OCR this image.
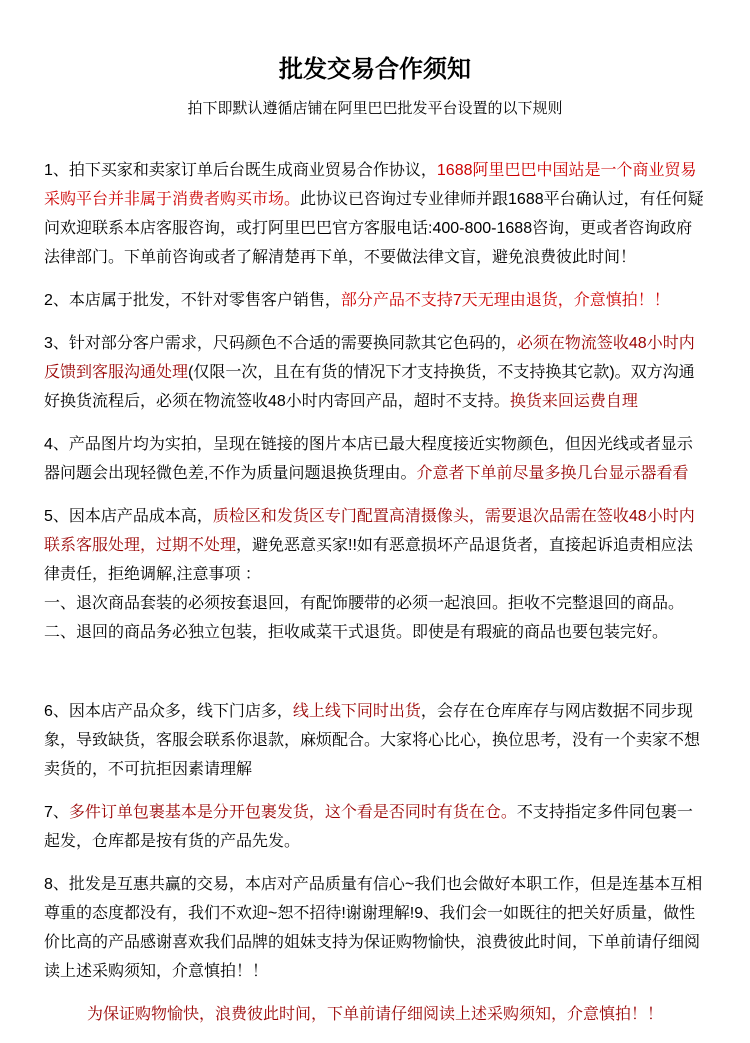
批发交易合作须知
拍下即默认遵循店铺在阿里巴巴批发平台设置的以下规则

1、拍下买家和卖家订单后台既生成商业贸易合作协议，1688阿里巴巴中国站是一个商业贸易采购平台并非属于消费者购买市场。此协议已咨询过专业律师并跟1688平台确认过，有任何疑问欢迎联系本店客服咨询，或打阿里巴巴官方客服电话:400-800-1688咨询，更或者咨询政府法律部门。下单前咨询或者了解清楚再下单，不要做法律文盲，避免浪费彼此时间！

2、本店属于批发，不针对零售客户销售，部分产品不支持7天无理由退货，介意慎拍！！

3、针对部分客户需求，尺码颜色不合适的需要换同款其它色码的，必须在物流签收48小时内反馈到客服沟通处理(仅限一次，且在有货的情况下才支持换货，不支持换其它款)。双方沟通好换货流程后，必须在物流签收48小时内寄回产品，超时不支持。换货来回运费自理

4、产品图片均为实拍，呈现在链接的图片本店已最大程度接近实物颜色，但因光线或者显示器问题会出现轻微色差,不作为质量问题退换货理由。介意者下单前尽量多换几台显示器看看

5、因本店产品成本高，质检区和发货区专门配置高清摄像头，需要退次品需在签收48小时内联系客服处理，过期不处理，避免恶意买家!!如有恶意损坏产品退货者，直接起诉追责相应法律责任，拒绝调解,注意事项 ：
一、退次商品套装的必须按套退回，有配饰腰带的必须一起浪回。拒收不完整退回的商品。
二、退回的商品务必独立包装，拒收咸菜干式退货。即使是有瑕疵的商品也要包装完好。

6、因本店产品众多，线下门店多，线上线下同时出货，会存在仓库库存与网店数据不同步现象，导致缺货，客服会联系你退款，麻烦配合。大家将心比心，换位思考，没有一个卖家不想卖货的，不可抗拒因素请理解

7、多件订单包裹基本是分开包裹发货，这个看是否同时有货在仓。不支持指定多件同包裹一起发，仓库都是按有货的产品先发。

8、批发是互惠共赢的交易，本店对产品质量有信心~我们也会做好本职工作，但是连基本互相尊重的态度都没有，我们不欢迎~恕不招待!谢谢理解!9、我们会一如既往的把关好质量，做性价比高的产品感谢喜欢我们品牌的姐妹支持为保证购物愉快，浪费彼此时间，下单前请仔细阅读上述采购须知，介意慎拍！！

为保证购物愉快，浪费彼此时间，下单前请仔细阅读上述采购须知，介意慎拍！！
